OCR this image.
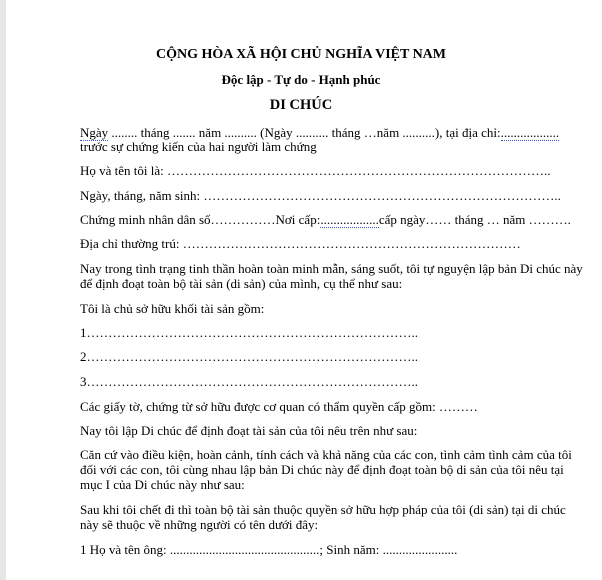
CỘNG HÒA XÃ HỘI CHỦ NGHĨA VIỆT NAM
Độc lập - Tự do - Hạnh phúc
DI CHÚC
Ngày ........ tháng ....... năm .......... (Ngày .......... tháng …năm ..........), tại địa chỉ:..................
trước sự chứng kiến của hai người làm chứng
Họ và tên tôi là: ……………………………………………………………………………..
Ngày, tháng, năm sinh: ………………………………………………………………………..
Chứng minh nhân dân số……………Nơi cấp:..................cấp ngày…… tháng … năm ……….
Địa chỉ thường trú: ……………………………………………………………………
Nay trong tình trạng tinh thần hoàn toàn minh mẫn, sáng suốt, tôi tự nguyện lập bản Di chúc này
để định đoạt toàn bộ tài sản (di sản) của mình, cụ thể như sau:
Tôi là chủ sở hữu khối tài sản gồm:
1…………………………………………………………………..
2…………………………………………………………………..
3…………………………………………………………………..
Các giấy tờ, chứng từ sở hữu được cơ quan có thẩm quyền cấp gồm: ………
Nay tôi lập Di chúc để định đoạt tài sản của tôi nêu trên như sau:
Căn cứ vào điều kiện, hoàn cảnh, tính cách và khả năng của các con, tình cảm tình cảm của tôi
đối với các con, tôi cùng nhau lập bản Di chúc này để định đoạt toàn bộ di sản của tôi nêu tại
mục I của Di chúc này như sau:
Sau khi tôi chết đi thì toàn bộ tài sản thuộc quyền sở hữu hợp pháp của tôi (di sản) tại di chúc
này sẽ thuộc về những người có tên dưới đây:
1 Họ và tên ông: ..............................................; Sinh năm: .......................
